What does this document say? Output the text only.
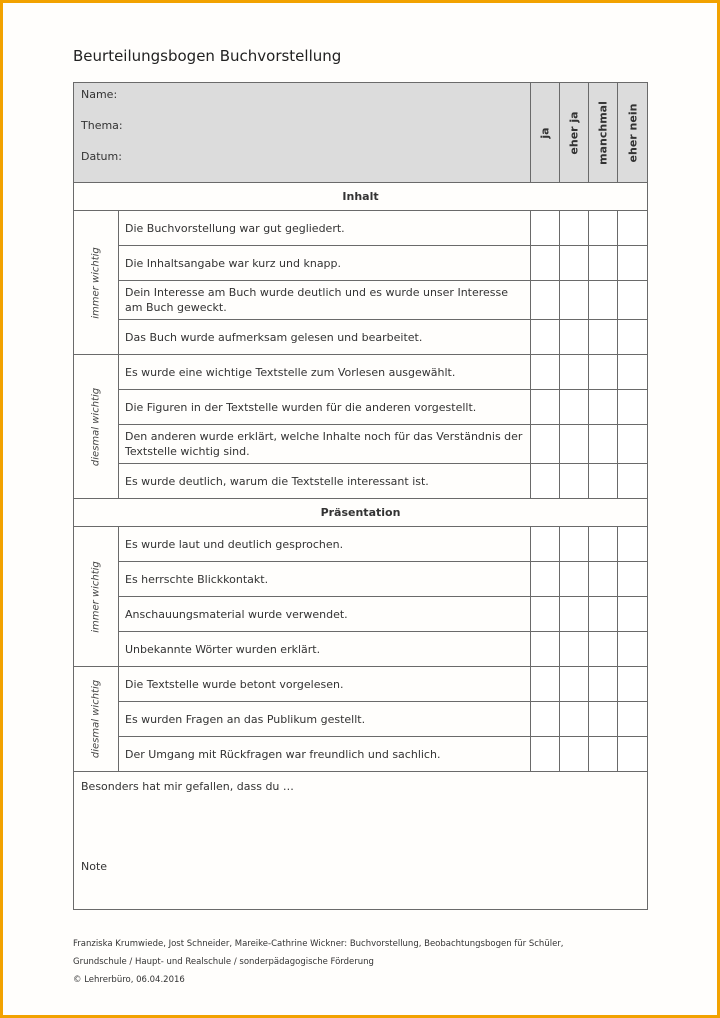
Beurteilungsbogen Buchvorstellung
Name:
Thema:
Datum:		ja	eher ja	manchmal	eher nein

Inhalt					

immer wichtig	Die Buchvorstellung war gut gegliedert.				
	Die Inhaltsangabe war kurz und knapp.				
	Dein Interesse am Buch wurde deutlich und es wurde unser Interesse am Buch geweckt.				
	Das Buch wurde aufmerksam gelesen und bearbeitet.				

diesmal wichtig	Es wurde eine wichtige Textstelle zum Vorlesen ausgewählt.				
	Die Figuren in der Textstelle wurden für die anderen vorgestellt.				
	Den anderen wurde erklärt, welche Inhalte noch für das Verständnis der Textstelle wichtig sind.				
	Es wurde deutlich, warum die Textstelle interessant ist.				
Präsentation					

immer wichtig	Es wurde laut und deutlich gesprochen.				
	Es herrschte Blickkontakt.				
	Anschauungsmaterial wurde verwendet.				
	Unbekannte Wörter wurden erklärt.				

diesmal wichtig	Die Textstelle wurde betont vorgelesen.				
	Es wurden Fragen an das Publikum gestellt.				
	Der Umgang mit Rückfragen war freundlich und sachlich.				

Besonders hat mir gefallen, dass du …
Note					
Franziska Krumwiede, Jost Schneider, Mareike-Cathrine Wickner: Buchvorstellung, Beobachtungsbogen für Schüler,
Grundschule / Haupt- und Realschule / sonderpädagogische Förderung
© Lehrerbüro, 06.04.2016
